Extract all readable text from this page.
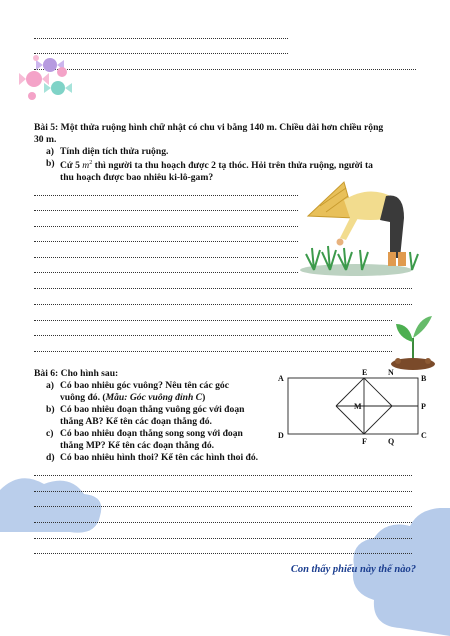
Bài 5: Một thửa ruộng hình chữ nhật có chu vi bằng 140 m. Chiều dài hơn chiều rộng
30 m.
a) Tính diện tích thửa ruộng.
b) Cứ 5 $m^2$ thì người ta thu hoạch được 2 tạ thóc. Hỏi trên thửa ruộng, người ta
thu hoạch được bao nhiêu ki-lô-gam?
Bài 6: Cho hình sau:
a) Có bao nhiêu góc vuông? Nêu tên các góc
vuông đó. (Mẫu: Góc vuông đỉnh C)
b) Có bao nhiêu đoạn thẳng vuông góc với đoạn
thẳng AB? Kể tên các đoạn thẳng đó.
c) Có bao nhiêu đoạn thẳng song song với đoạn
thẳng MP? Kể tên các đoạn thẳng đó.
d) Có bao nhiêu hình thoi? Kể tên các hình thoi đó.
A	B
C
D
E	N
M	P
F	Q
Con thấy phiếu này thế nào?
